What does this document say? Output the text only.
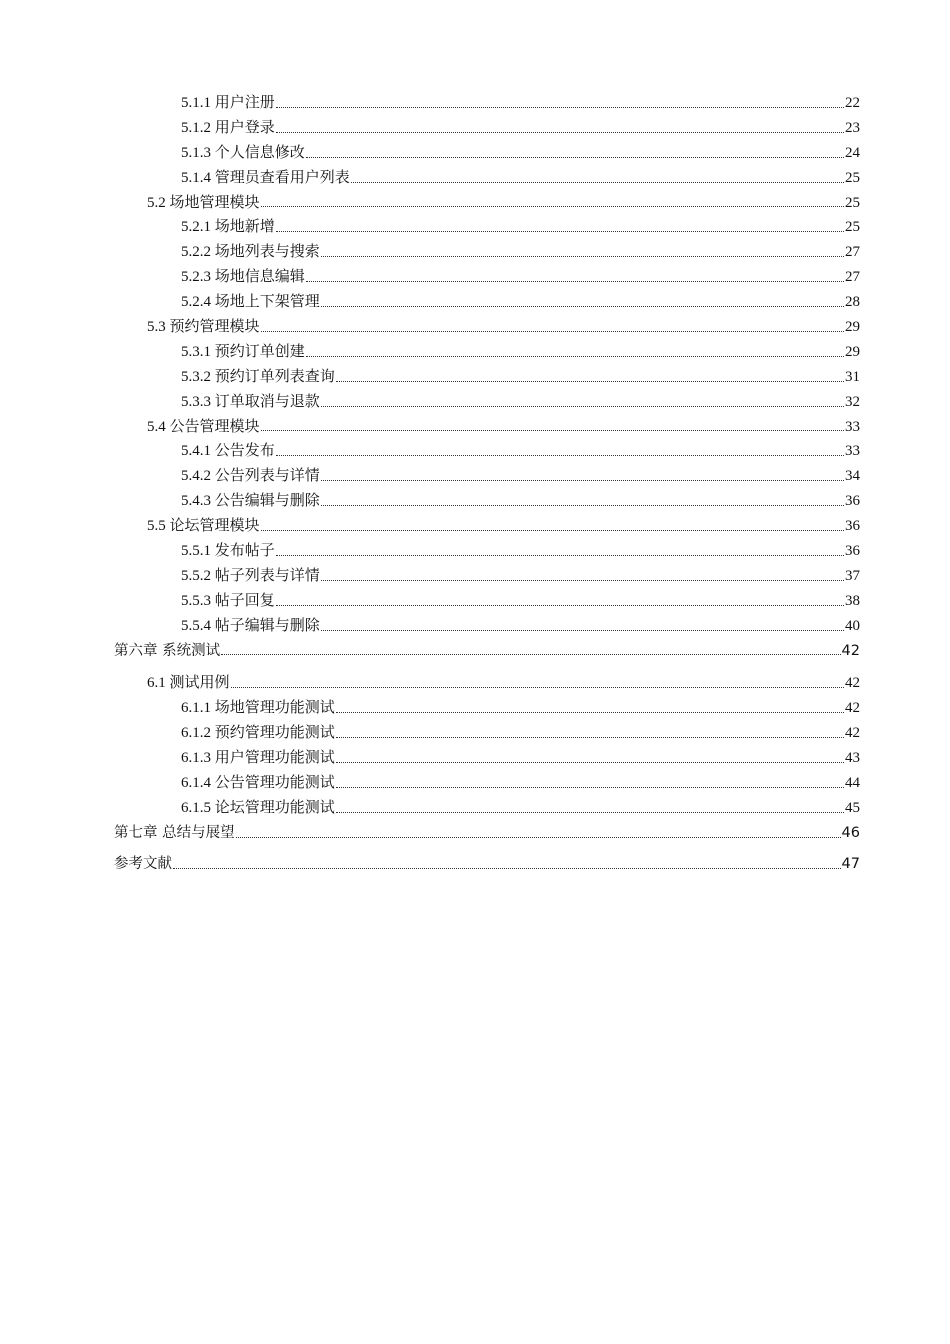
5.1.1 用户注册	22
5.1.2 用户登录	23
5.1.3 个人信息修改	24
5.1.4 管理员查看用户列表	25
5.2 场地管理模块	25
5.2.1 场地新增	25
5.2.2 场地列表与搜索	27
5.2.3 场地信息编辑	27
5.2.4 场地上下架管理	28
5.3 预约管理模块	29
5.3.1 预约订单创建	29
5.3.2 预约订单列表查询	31
5.3.3 订单取消与退款	32
5.4 公告管理模块	33
5.4.1 公告发布	33
5.4.2 公告列表与详情	34
5.4.3 公告编辑与删除	36
5.5 论坛管理模块	36
5.5.1 发布帖子	36
5.5.2 帖子列表与详情	37
5.5.3 帖子回复	38
5.5.4 帖子编辑与删除	40
第六章 系统测试	42
6.1 测试用例	42
6.1.1 场地管理功能测试	42
6.1.2 预约管理功能测试	42
6.1.3 用户管理功能测试	43
6.1.4 公告管理功能测试	44
6.1.5 论坛管理功能测试	45
第七章 总结与展望	46
参考文献	47
